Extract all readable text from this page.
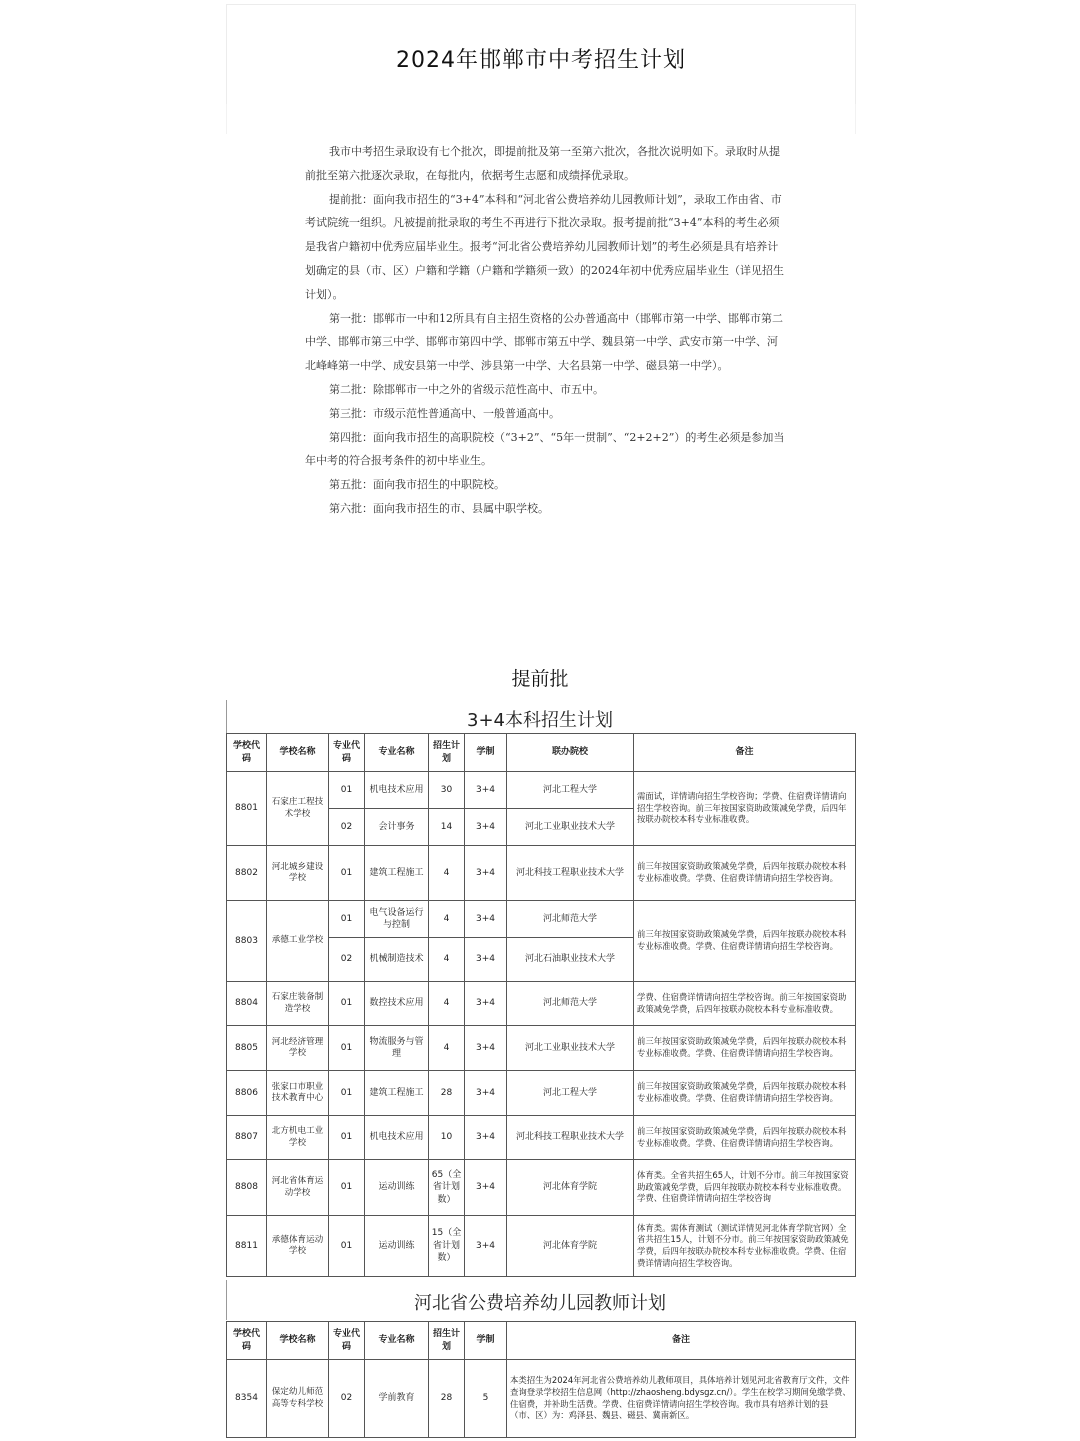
2024年邯郸市中考招生计划

我市中考招生录取设有七个批次，即提前批及第一至第六批次，各批次说明如下。录取时从提前批至第六批逐次录取，在每批内，依据考生志愿和成绩择优录取。

提前批：面向我市招生的“3+4”本科和“河北省公费培养幼儿园教师计划”，录取工作由省、市考试院统一组织。凡被提前批录取的考生不再进行下批次录取。报考提前批“3+4”本科的考生必须是我省户籍初中优秀应届毕业生。报考“河北省公费培养幼儿园教师计划”的考生必须是具有培养计划确定的县（市、区）户籍和学籍（户籍和学籍须一致）的2024年初中优秀应届毕业生（详见招生计划）。

第一批：邯郸市一中和12所具有自主招生资格的公办普通高中（邯郸市第一中学、邯郸市第二中学、邯郸市第三中学、邯郸市第四中学、邯郸市第五中学、魏县第一中学、武安市第一中学、河北峰峰第一中学、成安县第一中学、涉县第一中学、大名县第一中学、磁县第一中学）。

第二批：除邯郸市一中之外的省级示范性高中、市五中。

第三批：市级示范性普通高中、一般普通高中。

第四批：面向我市招生的高职院校（“3+2”、“5年一贯制”、“2+2+2”）的考生必须是参加当年中考的符合报考条件的初中毕业生。

第五批：面向我市招生的中职院校。

第六批：面向我市招生的市、县属中职学校。

提前批
3+4本科招生计划
学校代码	学校名称	专业代码	专业名称	招生计划	学制	联办院校	备注
8801	石家庄工程技术学校	01	机电技术应用	30	3+4	河北工程大学	需面试，详情请向招生学校咨询；学费、住宿费详情请向招生学校咨询。前三年按国家资助政策减免学费，后四年按联办院校本科专业标准收费。
		02	会计事务	14	3+4	河北工业职业技术大学	
8802	河北城乡建设学校	01	建筑工程施工	4	3+4	河北科技工程职业技术大学	前三年按国家资助政策减免学费，后四年按联办院校本科专业标准收费。学费、住宿费详情请向招生学校咨询。
8803	承德工业学校	01	电气设备运行与控制	4	3+4	河北师范大学	前三年按国家资助政策减免学费，后四年按联办院校本科专业标准收费。学费、住宿费详情请向招生学校咨询。
		02	机械制造技术	4	3+4	河北石油职业技术大学	
8804	石家庄装备制造学校	01	数控技术应用	4	3+4	河北师范大学	学费、住宿费详情请向招生学校咨询。前三年按国家资助政策减免学费，后四年按联办院校本科专业标准收费。
8805	河北经济管理学校	01	物流服务与管理	4	3+4	河北工业职业技术大学	前三年按国家资助政策减免学费，后四年按联办院校本科专业标准收费。学费、住宿费详情请向招生学校咨询。
8806	张家口市职业技术教育中心	01	建筑工程施工	28	3+4	河北工程大学	前三年按国家资助政策减免学费，后四年按联办院校本科专业标准收费。学费、住宿费详情请向招生学校咨询。
8807	北方机电工业学校	01	机电技术应用	10	3+4	河北科技工程职业技术大学	前三年按国家资助政策减免学费，后四年按联办院校本科专业标准收费。学费、住宿费详情请向招生学校咨询。
8808	河北省体育运动学校	01	运动训练	65（全省计划数）	3+4	河北体育学院	体育类。全省共招生65人，计划不分市。前三年按国家资助政策减免学费，后四年按联办院校本科专业标准收费。学费、住宿费详情请向招生学校咨询
8811	承德体育运动学校	01	运动训练	15（全省计划数）	3+4	河北体育学院	体育类。需体育测试（测试详情见河北体育学院官网）全省共招生15人，计划不分市。前三年按国家资助政策减免学费，后四年按联办院校本科专业标准收费。学费、住宿费详情请向招生学校咨询。
河北省公费培养幼儿园教师计划
学校代码	学校名称	专业代码	专业名称	招生计划	学制	备注
8354	保定幼儿师范高等专科学校	02	学前教育	28	5	本类招生为2024年河北省公费培养幼儿教师项目，具体培养计划见河北省教育厅文件，文件查询登录学校招生信息网（http://zhaosheng.bdysgz.cn/）。学生在校学习期间免缴学费、住宿费，并补助生活费。学费、住宿费详情请向招生学校咨询。我市具有培养计划的县（市、区）为：鸡泽县、魏县、磁县、冀南新区。
